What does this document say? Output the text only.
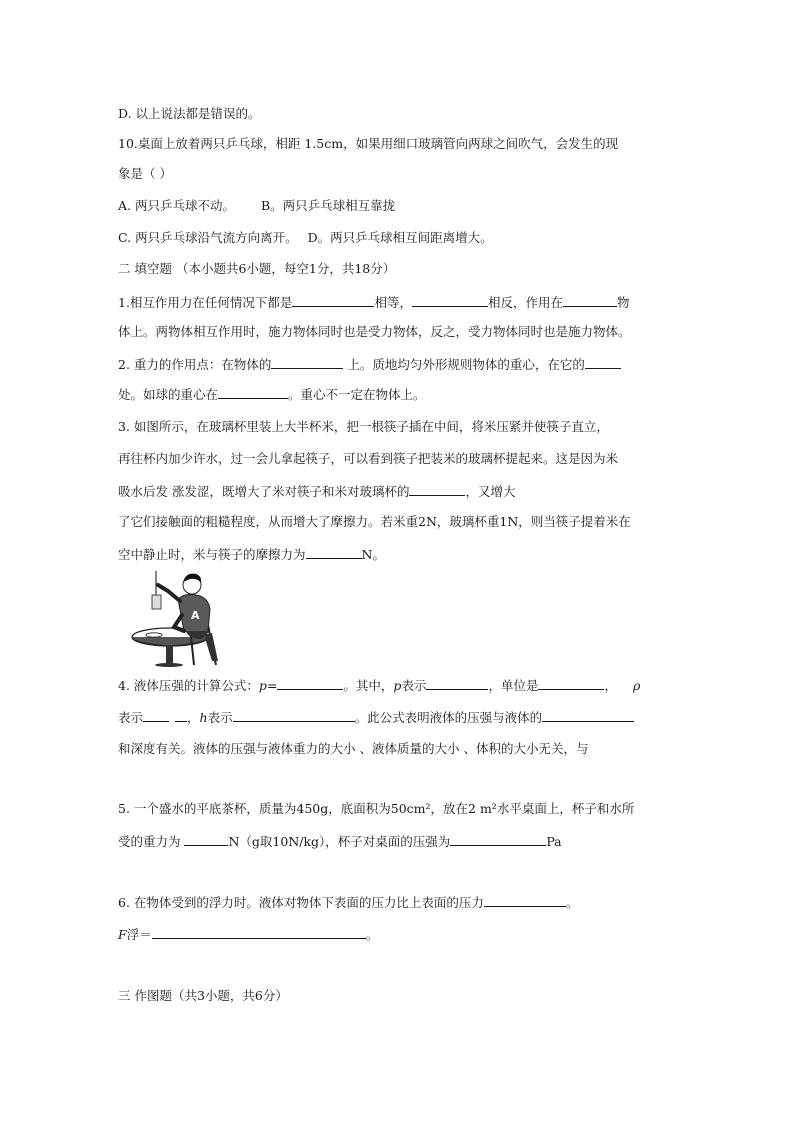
D. 以上说法都是错误的。
10.桌面上放着两只乒乓球，相距 1.5cm，如果用细口玻璃管向两球之间吹气，会发生的现
象是（ ）
A. 两只乒乓球不动。 B。两只乒乓球相互靠拢
C. 两只乒乓球沿气流方向离开。 D。两只乒乓球相互间距离增大。
二 填空题 （本小题共6小题，每空1分，共18分）
1.相互作用力在任何情况下都是	相等，	相反，作用在	物
体上。两物体相互作用时，施力物体同时也是受力物体，反之，受力物体同时也是施力物体。
2. 重力的作用点：在物体的	上。质地均匀外形规则物体的重心，在它的
处。如球的重心在	。重心不一定在物体上。
3. 如图所示，在玻璃杯里装上大半杯米，把一根筷子插在中间，将米压紧并使筷子直立，
再往杯内加少许水，过一会儿拿起筷子，可以看到筷子把装米的玻璃杯提起来。这是因为米
吸水后发 涨发涩，既增大了米对筷子和米对玻璃杯的	，又增大
了它们接触面的粗糙程度，从而增大了摩擦力。若米重2N，玻璃杯重1N，则当筷子提着米在
空中静止时，米与筷子的摩擦力为	N。
A
4. 液体压强的计算公式：p=	。其中，p表示	，单位是	， ρ
表示	，h表示	。此公式表明液体的压强与液体的
和深度有关。液体的压强与液体重力的大小 、液体质量的大小 、体积的大小无关，与
5. 一个盛水的平底茶杯，质量为450g，底面积为50cm²，放在2 m²水平桌面上，杯子和水所
受的重力为	N（g取10N/kg），杯子对桌面的压强为	Pa
6. 在物体受到的浮力时。液体对物体下表面的压力比上表面的压力	。
F浮＝	。
三 作图题（共3小题，共6分）
